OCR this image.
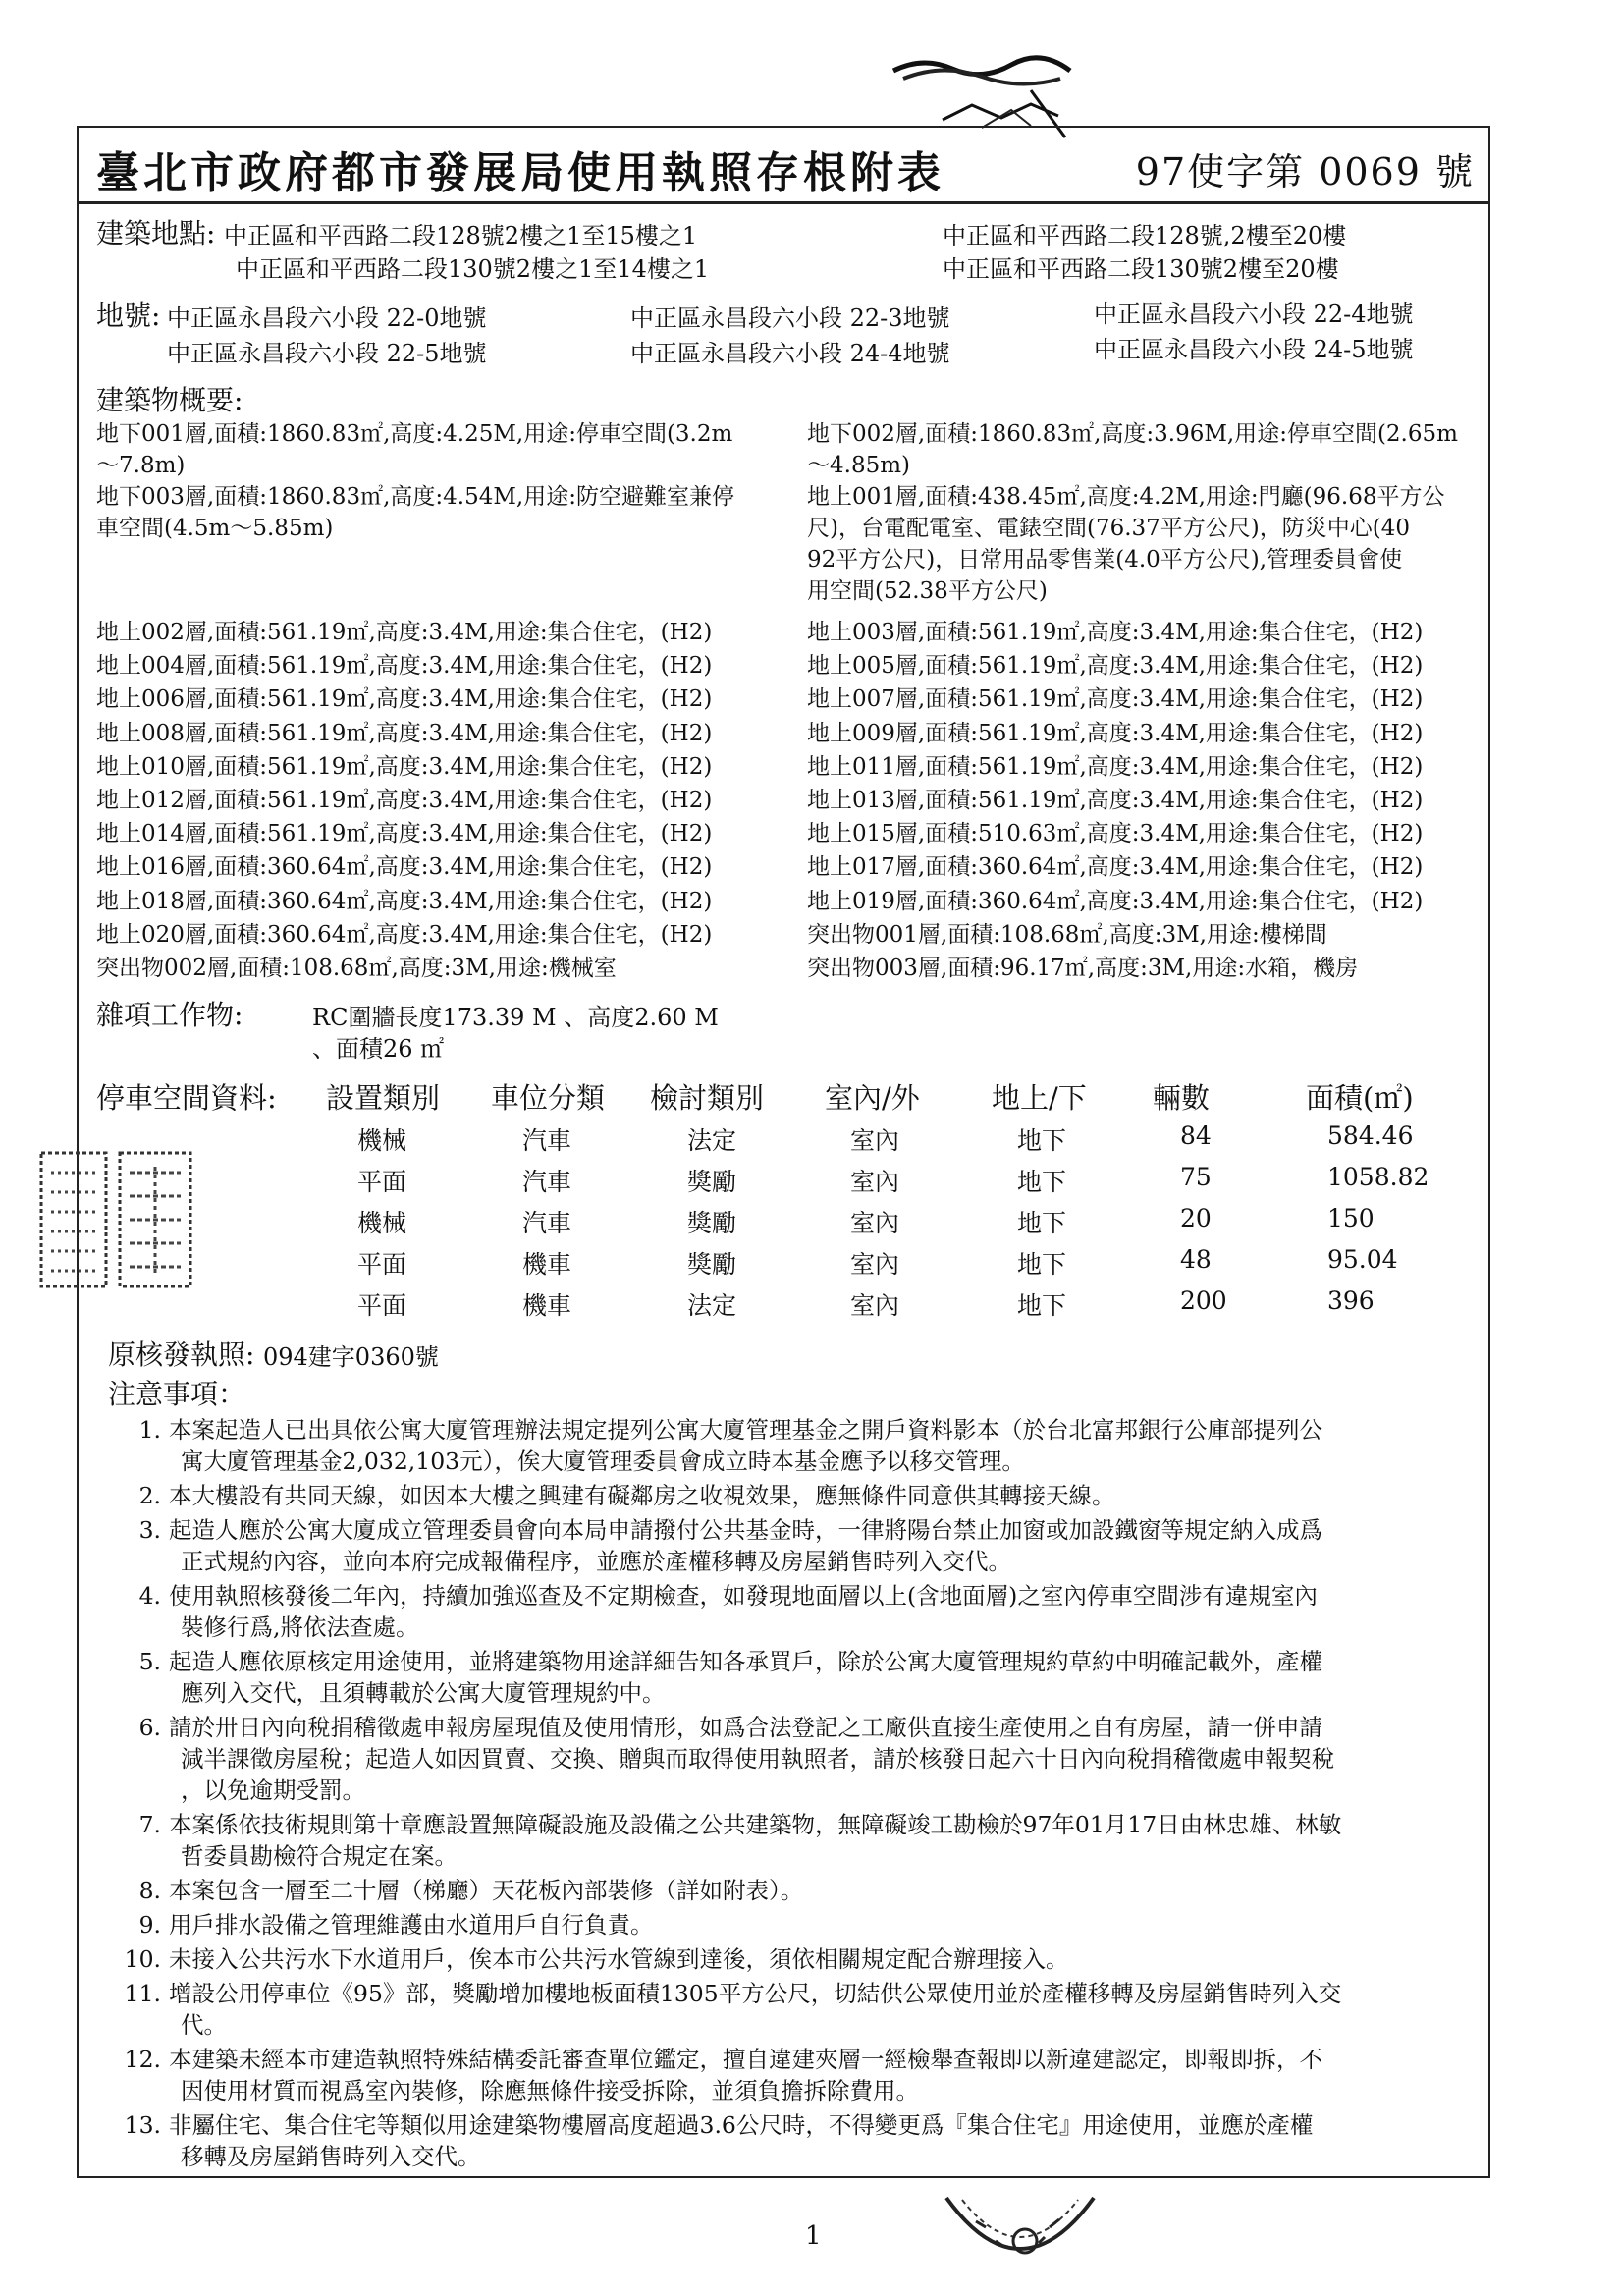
臺北市政府都市發展局使用執照存根附表	97使字第 0069 號
建築地點: 中正區和平西路二段128號2樓之1至15樓之1
中正區和平西路二段130號2樓之1至14樓之1
中正區和平西路二段128號,2樓至20樓
中正區和平西路二段130號2樓至20樓
地號: 中正區永昌段六小段 22-0地號	中正區永昌段六小段 22-3地號	中正區永昌段六小段 22-4地號
中正區永昌段六小段 22-5地號	中正區永昌段六小段 24-4地號	中正區永昌段六小段 24-5地號
建築物概要:
地下001層,面積:1860.83㎡,高度:4.25M,用途:停車空間(3.2m
～7.8m)
地下003層,面積:1860.83㎡,高度:4.54M,用途:防空避難室兼停
車空間(4.5m～5.85m)
地下002層,面積:1860.83㎡,高度:3.96M,用途:停車空間(2.65m
～4.85m)
地上001層,面積:438.45㎡,高度:4.2M,用途:門廳(96.68平方公
尺)，台電配電室、電錶空間(76.37平方公尺)，防災中心(40
92平方公尺)，日常用品零售業(4.0平方公尺),管理委員會使
用空間(52.38平方公尺)
地上002層,面積:561.19㎡,高度:3.4M,用途:集合住宅，(H2)
地上004層,面積:561.19㎡,高度:3.4M,用途:集合住宅，(H2)
地上006層,面積:561.19㎡,高度:3.4M,用途:集合住宅，(H2)
地上008層,面積:561.19㎡,高度:3.4M,用途:集合住宅，(H2)
地上010層,面積:561.19㎡,高度:3.4M,用途:集合住宅，(H2)
地上012層,面積:561.19㎡,高度:3.4M,用途:集合住宅，(H2)
地上014層,面積:561.19㎡,高度:3.4M,用途:集合住宅，(H2)
地上016層,面積:360.64㎡,高度:3.4M,用途:集合住宅，(H2)
地上018層,面積:360.64㎡,高度:3.4M,用途:集合住宅，(H2)
地上020層,面積:360.64㎡,高度:3.4M,用途:集合住宅，(H2)
突出物002層,面積:108.68㎡,高度:3M,用途:機械室
地上003層,面積:561.19㎡,高度:3.4M,用途:集合住宅，(H2)
地上005層,面積:561.19㎡,高度:3.4M,用途:集合住宅，(H2)
地上007層,面積:561.19㎡,高度:3.4M,用途:集合住宅，(H2)
地上009層,面積:561.19㎡,高度:3.4M,用途:集合住宅，(H2)
地上011層,面積:561.19㎡,高度:3.4M,用途:集合住宅，(H2)
地上013層,面積:561.19㎡,高度:3.4M,用途:集合住宅，(H2)
地上015層,面積:510.63㎡,高度:3.4M,用途:集合住宅，(H2)
地上017層,面積:360.64㎡,高度:3.4M,用途:集合住宅，(H2)
地上019層,面積:360.64㎡,高度:3.4M,用途:集合住宅，(H2)
突出物001層,面積:108.68㎡,高度:3M,用途:樓梯間
突出物003層,面積:96.17㎡,高度:3M,用途:水箱，機房
雜項工作物:	RC圍牆長度173.39 M 、高度2.60 M
、面積26 ㎡
停車空間資料: 設置類別 車位分類 檢討類別 室內/外	地上/下 輛數	面積(㎡)
機械	汽車	法定	室內	地下	84	584.46
平面	汽車	獎勵	室內	地下	75	1058.82
機械	汽車	獎勵	室內	地下	20	150
平面	機車	獎勵	室內	地下	48	95.04
平面	機車	法定	室內	地下	200	396
原核發執照: 094建字0360號
注意事項：
1. 本案起造人已出具依公寓大廈管理辦法規定提列公寓大廈管理基金之開戶資料影本（於台北富邦銀行公庫部提列公
寓大廈管理基金2,032,103元），俟大廈管理委員會成立時本基金應予以移交管理。
2. 本大樓設有共同天線，如因本大樓之興建有礙鄰房之收視效果，應無條件同意供其轉接天線。
3. 起造人應於公寓大廈成立管理委員會向本局申請撥付公共基金時，一律將陽台禁止加窗或加設鐵窗等規定納入成爲
正式規約內容，並向本府完成報備程序，並應於產權移轉及房屋銷售時列入交代。
4. 使用執照核發後二年內，持續加強巡查及不定期檢查，如發現地面層以上(含地面層)之室內停車空間涉有違規室內
裝修行爲,將依法查處。
5. 起造人應依原核定用途使用，並將建築物用途詳細告知各承買戶，除於公寓大廈管理規約草約中明確記載外，產權
應列入交代，且須轉載於公寓大廈管理規約中。
6. 請於卅日內向稅捐稽徵處申報房屋現值及使用情形，如爲合法登記之工廠供直接生產使用之自有房屋，請一併申請
減半課徵房屋稅；起造人如因買賣、交換、贈與而取得使用執照者，請於核發日起六十日內向稅捐稽徵處申報契稅
，以免逾期受罰。
7. 本案係依技術規則第十章應設置無障礙設施及設備之公共建築物，無障礙竣工勘檢於97年01月17日由林忠雄、林敏
哲委員勘檢符合規定在案。
8. 本案包含一層至二十層（梯廳）天花板內部裝修（詳如附表）。
9. 用戶排水設備之管理維護由水道用戶自行負責。
10. 未接入公共污水下水道用戶，俟本市公共污水管線到達後，須依相關規定配合辦理接入。
11. 增設公用停車位《95》部，獎勵增加樓地板面積1305平方公尺，切結供公眾使用並於產權移轉及房屋銷售時列入交
代。
12. 本建築未經本市建造執照特殊結構委託審查單位鑑定，擅自違建夾層一經檢舉查報即以新違建認定，即報即拆，不
因使用材質而視爲室內裝修，除應無條件接受拆除，並須負擔拆除費用。
13. 非屬住宅、集合住宅等類似用途建築物樓層高度超過3.6公尺時，不得變更爲『集合住宅』用途使用，並應於產權
移轉及房屋銷售時列入交代。
1
